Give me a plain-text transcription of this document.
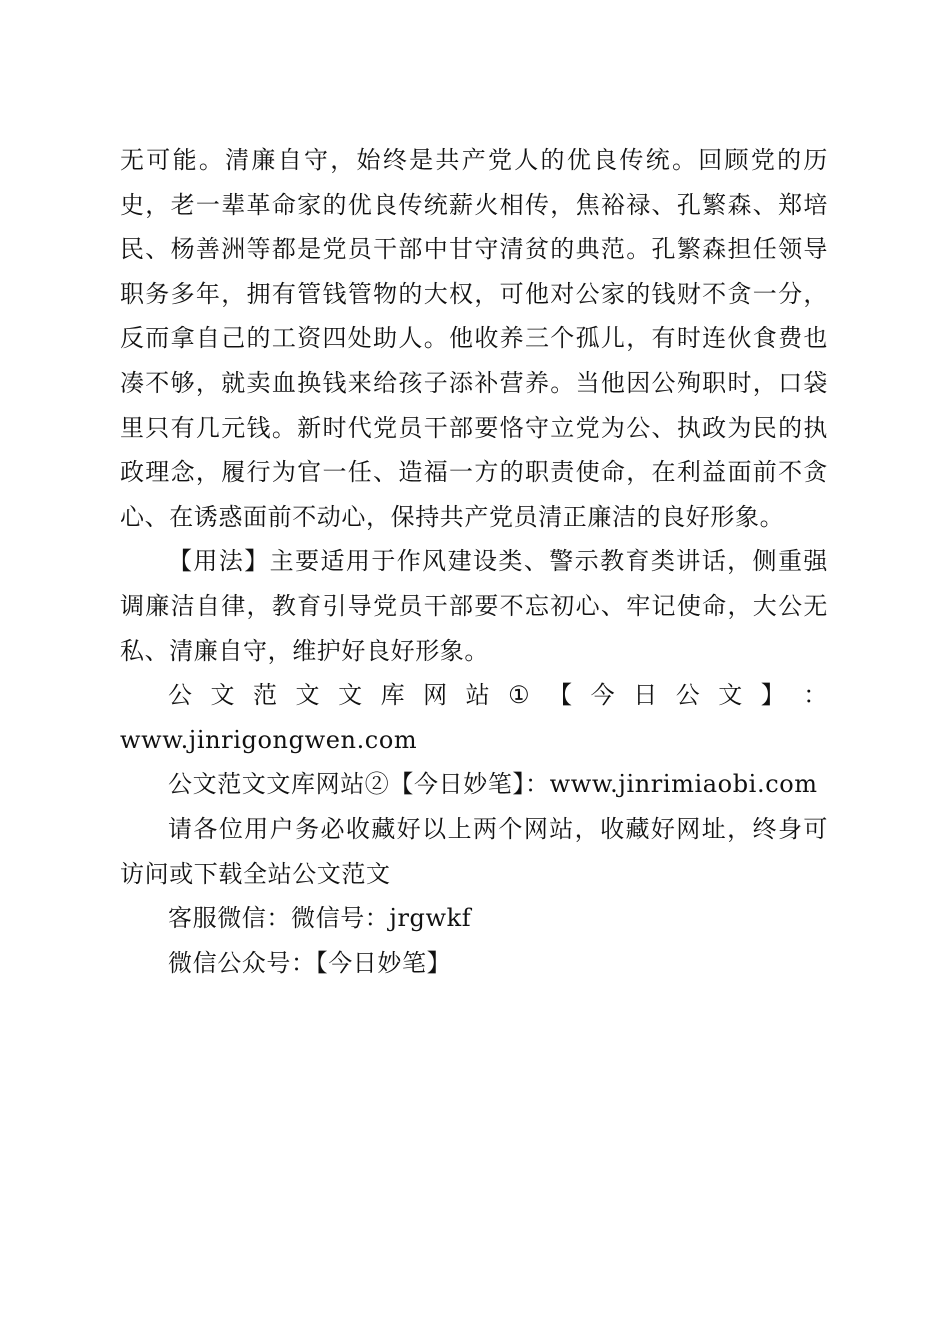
无可能。清廉自守，始终是共产党人的优良传统。回顾党的历史，老一辈革命家的优良传统薪火相传，焦裕禄、孔繁森、郑培民、杨善洲等都是党员干部中甘守清贫的典范。孔繁森担任领导职务多年，拥有管钱管物的大权，可他对公家的钱财不贪一分，反而拿自己的工资四处助人。他收养三个孤儿，有时连伙食费也凑不够，就卖血换钱来给孩子添补营养。当他因公殉职时，口袋里只有几元钱。新时代党员干部要恪守立党为公、执政为民的执政理念，履行为官一任、造福一方的职责使命，在利益面前不贪心、在诱惑面前不动心，保持共产党员清正廉洁的良好形象。

【用法】主要适用于作风建设类、警示教育类讲话，侧重强调廉洁自律，教育引导党员干部要不忘初心、牢记使命，大公无私、清廉自守，维护好良好形象。

公 文 范 文 文 库 网 站 ① 【 今 日 公 文 】 ：

www.jinrigongwen.com

公文范文文库网站②【今日妙笔】：www.jinrimiaobi.com

请各位用户务必收藏好以上两个网站，收藏好网址，终身可访问或下载全站公文范文

客服微信：微信号：jrgwkf

微信公众号：【今日妙笔】
